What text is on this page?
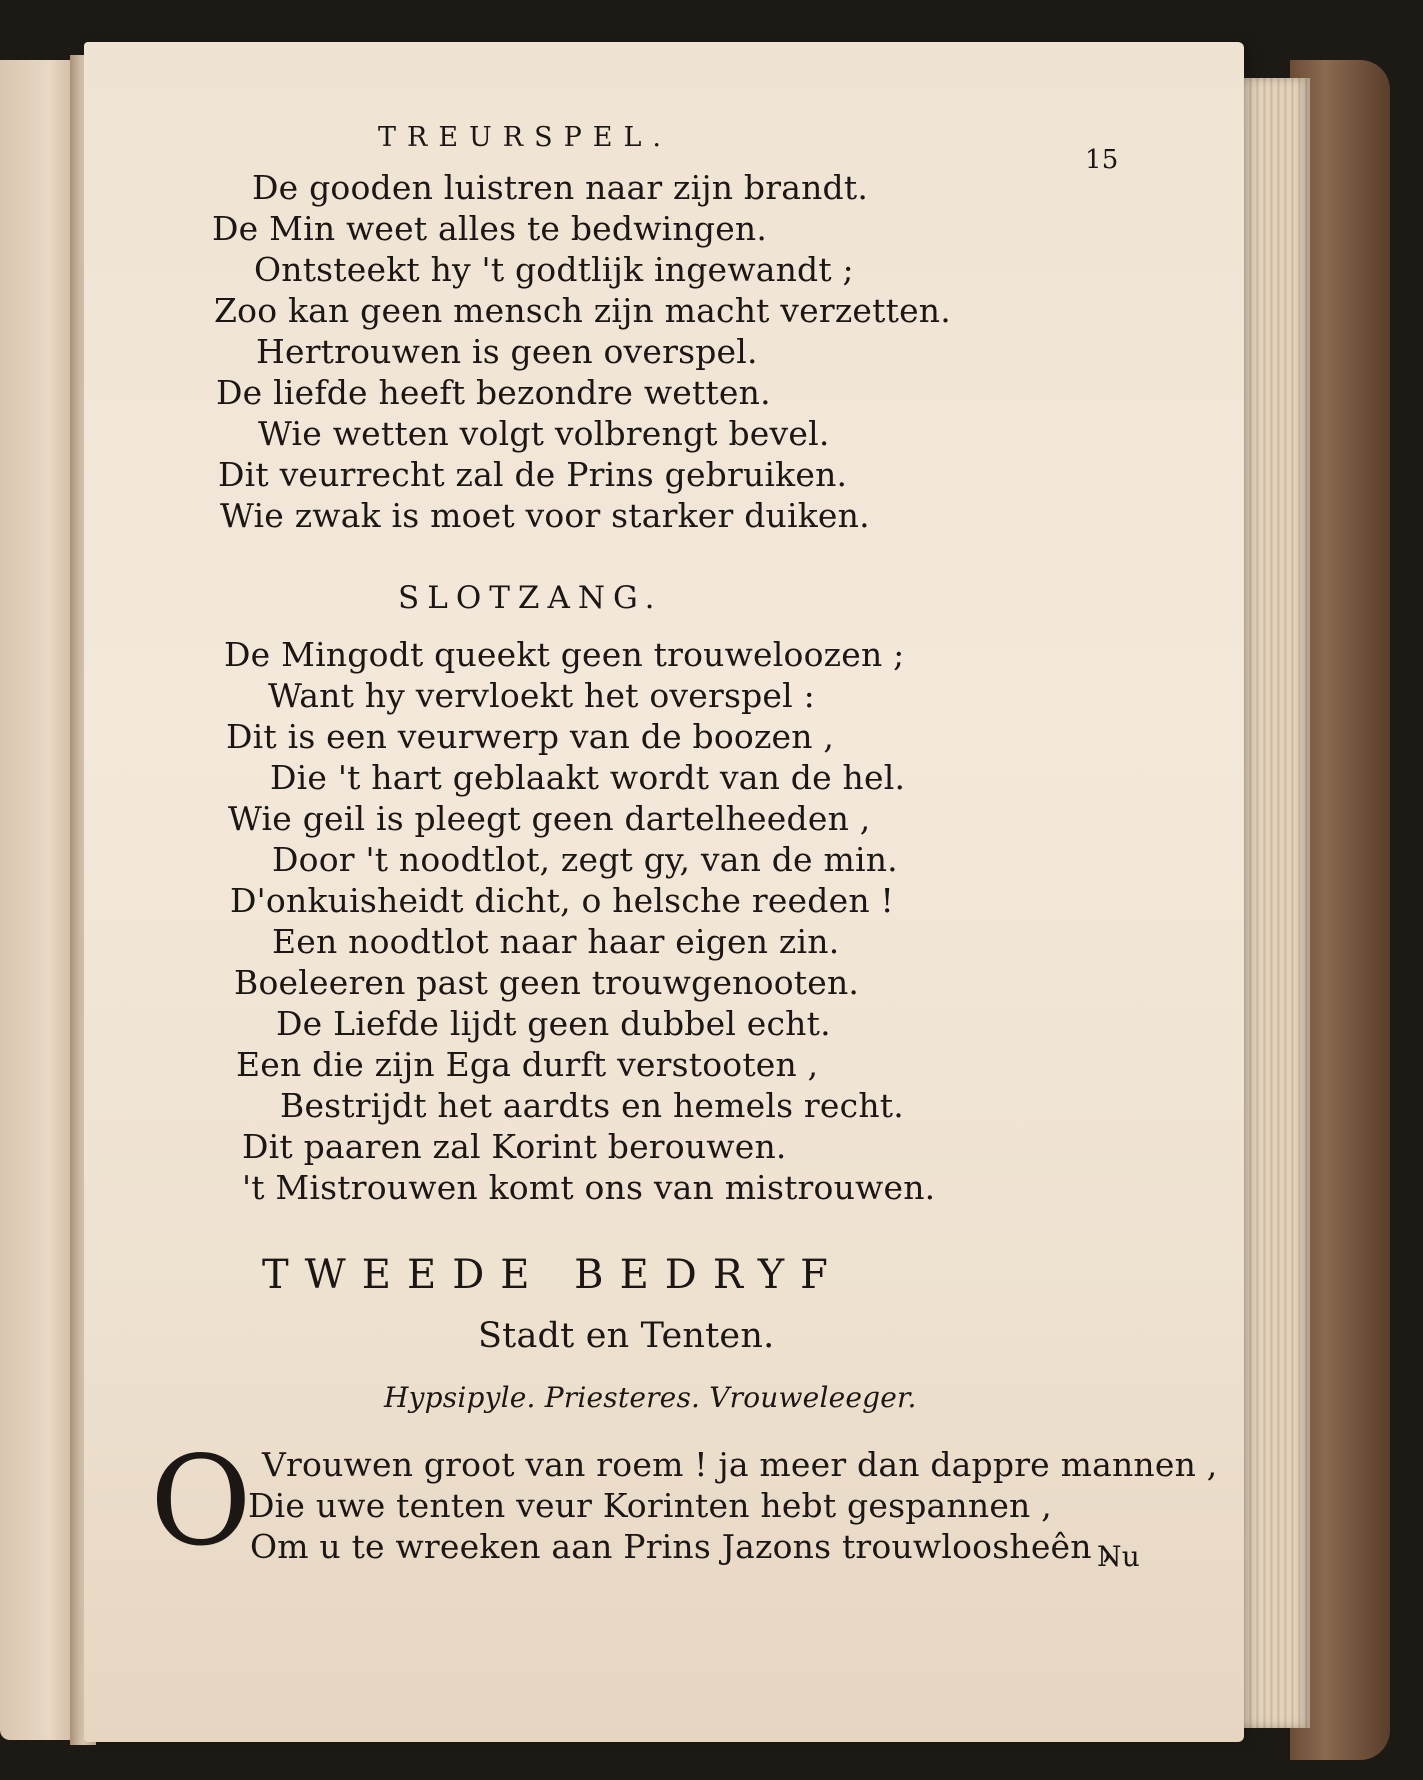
TREURSPEL.
15
De gooden luistren naar zijn brandt.
De Min weet alles te bedwingen.
Ontsteekt hy 't godtlijk ingewandt ;
Zoo kan geen mensch zijn macht verzetten.
Hertrouwen is geen overspel.
De liefde heeft bezondre wetten.
Wie wetten volgt volbrengt bevel.
Dit veurrecht zal de Prins gebruiken.
Wie zwak is moet voor starker duiken.
SLOTZANG.
De Mingodt queekt geen trouweloozen ;
Want hy vervloekt het overspel :
Dit is een veurwerp van de boozen ,
Die 't hart geblaakt wordt van de hel.
Wie geil is pleegt geen dartelheeden ,
Door 't noodtlot, zegt gy, van de min.
D'onkuisheidt dicht, o helsche reeden !
Een noodtlot naar haar eigen zin.
Boeleeren past geen trouwgenooten.
De Liefde lijdt geen dubbel echt.
Een die zijn Ega durft verstooten ,
Bestrijdt het aardts en hemels recht.
Dit paaren zal Korint berouwen.
't Mistrouwen komt ons van mistrouwen.
TWEEDE BEDRYF
Stadt en Tenten.
Hypsipyle. Priesteres. Vrouweleeger.
O Vrouwen groot van roem ! ja meer dan dappre mannen ,
Die uwe tenten veur Korinten hebt gespannen ,
Om u te wreeken aan Prins Jazons trouwloosheên ,
Nu
